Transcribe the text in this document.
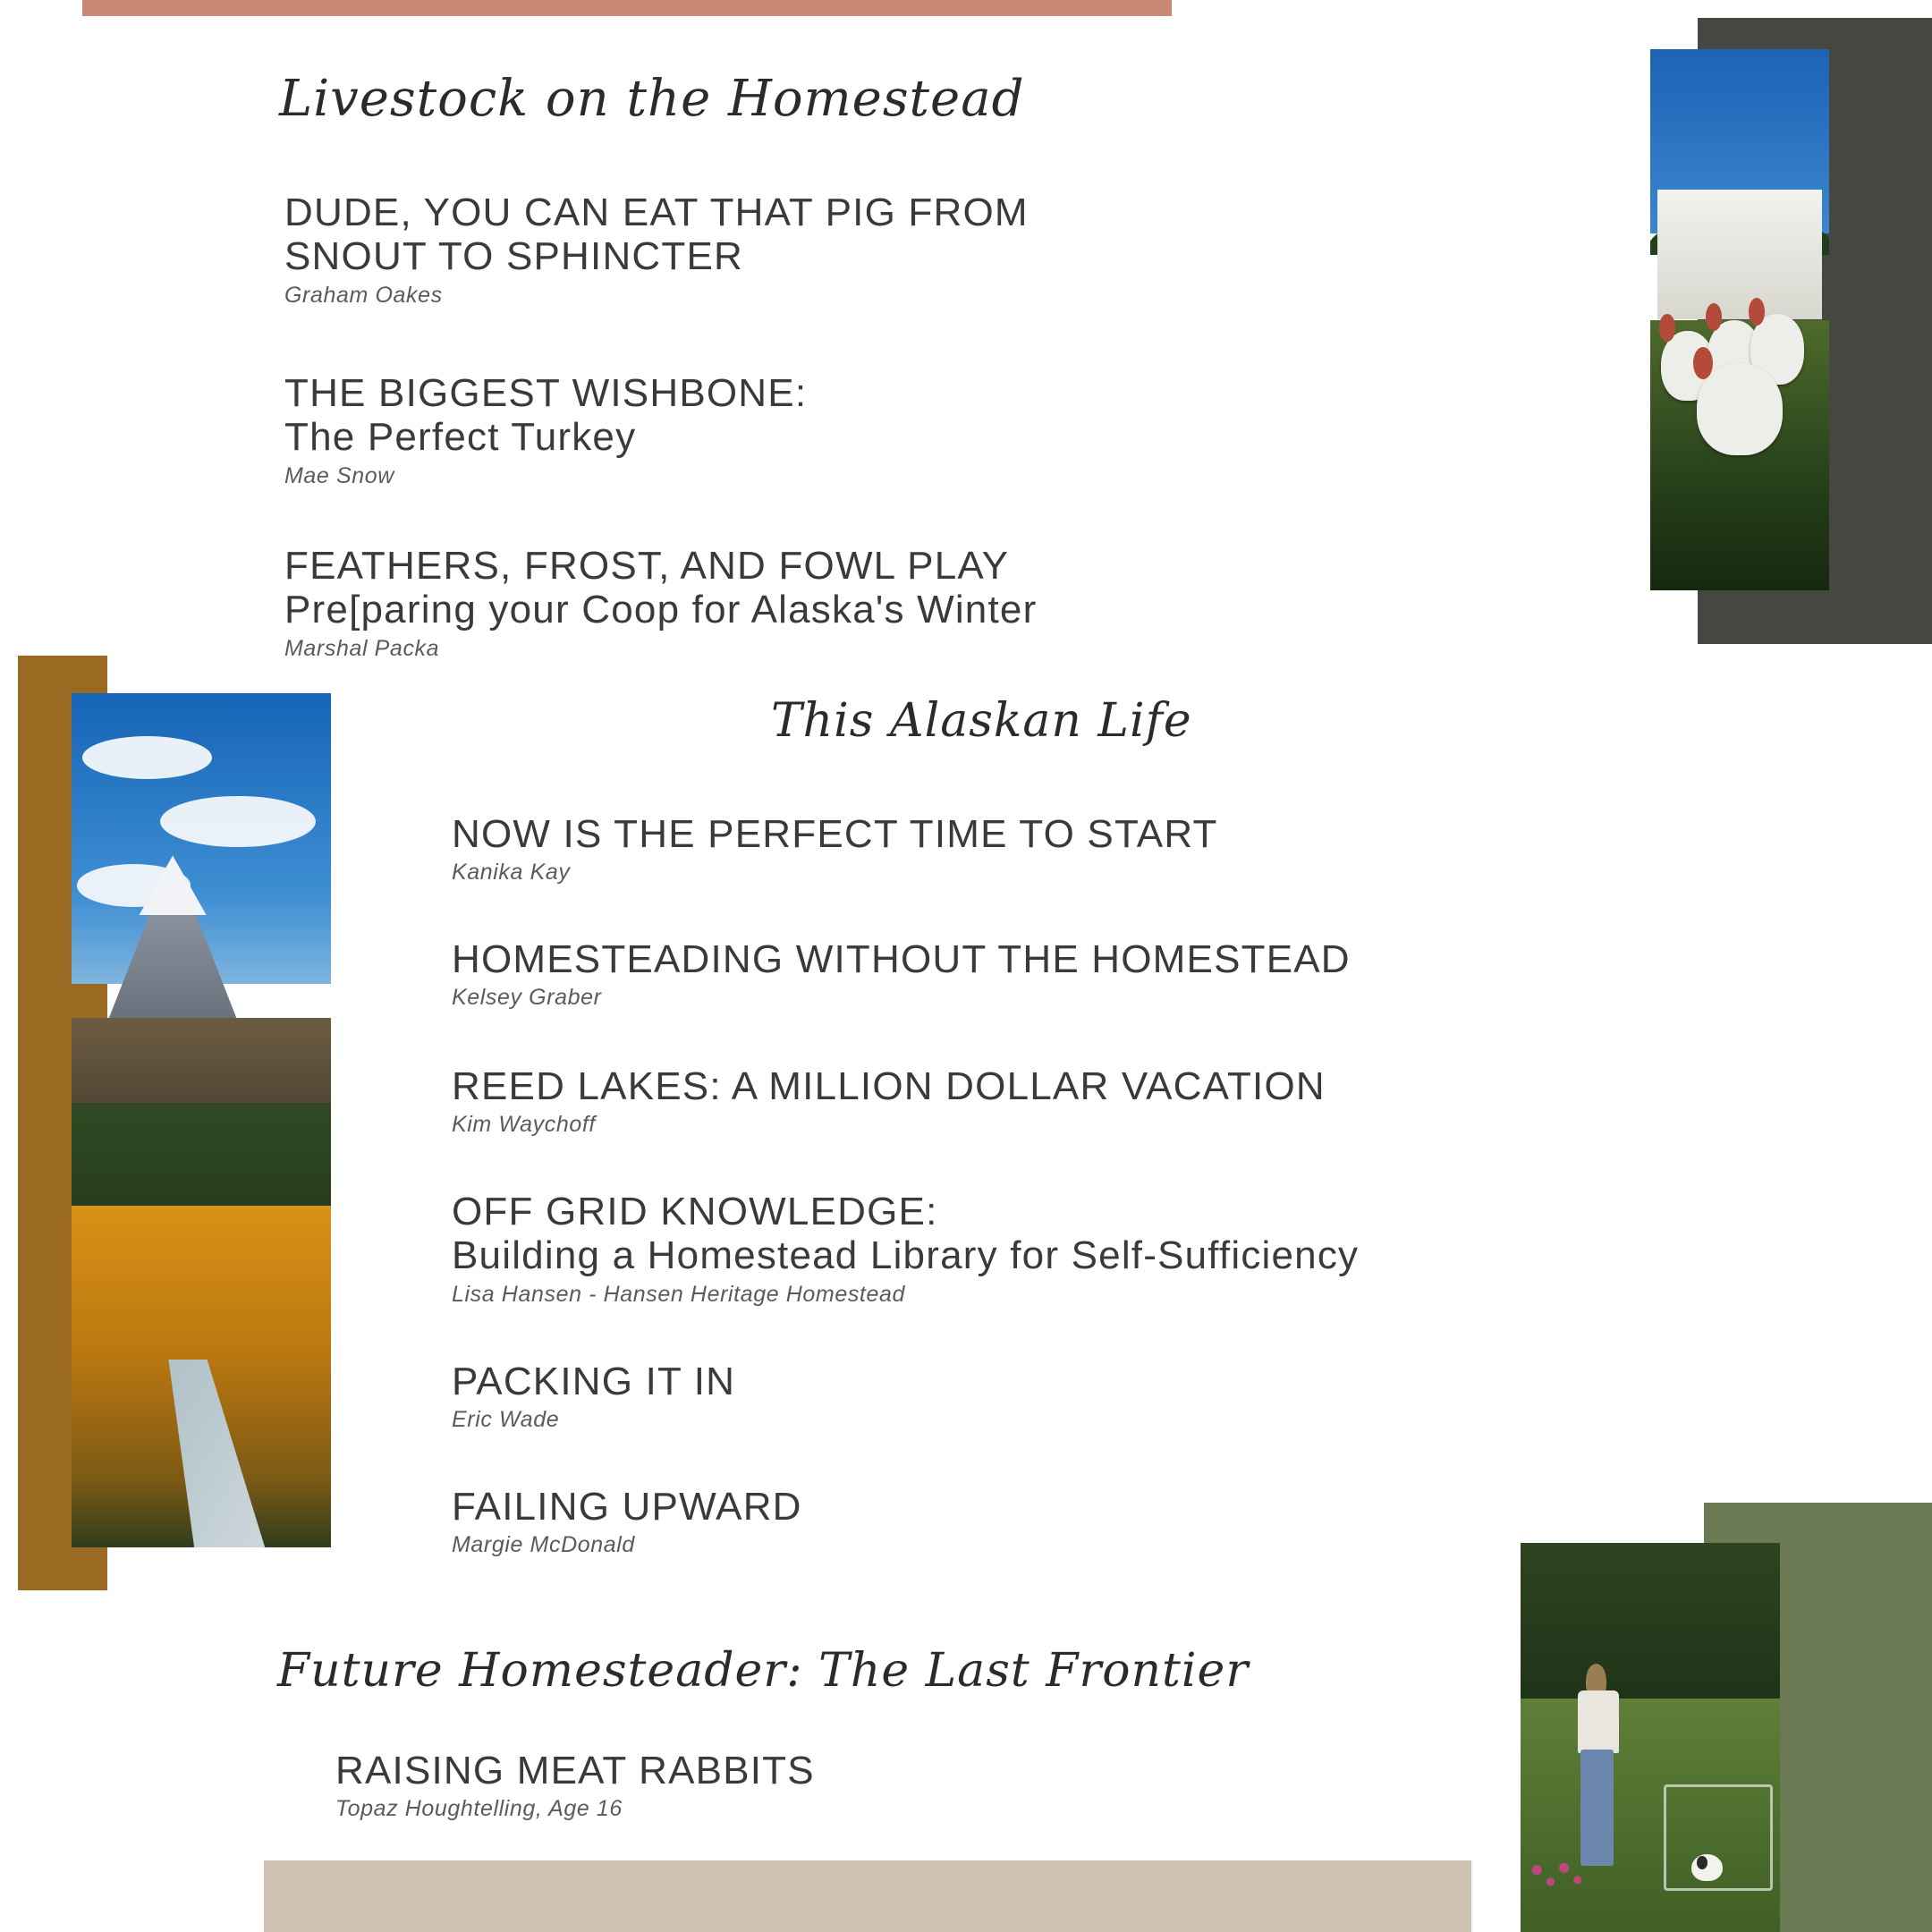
Livestock on the Homestead
DUDE, YOU CAN EAT THAT PIG FROM
SNOUT TO SPHINCTER
Graham Oakes
THE BIGGEST WISHBONE:
The Perfect Turkey
Mae Snow
FEATHERS, FROST, AND FOWL PLAY
Pre[paring your Coop for Alaska's Winter
Marshal Packa
This Alaskan Life
NOW IS THE PERFECT TIME TO START
Kanika Kay
HOMESTEADING WITHOUT THE HOMESTEAD
Kelsey Graber
REED LAKES: A MILLION DOLLAR VACATION
Kim Waychoff
OFF GRID KNOWLEDGE:
Building a Homestead Library for Self-Sufficiency
Lisa Hansen - Hansen Heritage Homestead
PACKING IT IN
Eric Wade
FAILING UPWARD
Margie McDonald
Future Homesteader: The Last Frontier
RAISING MEAT RABBITS
Topaz Houghtelling, Age 16
